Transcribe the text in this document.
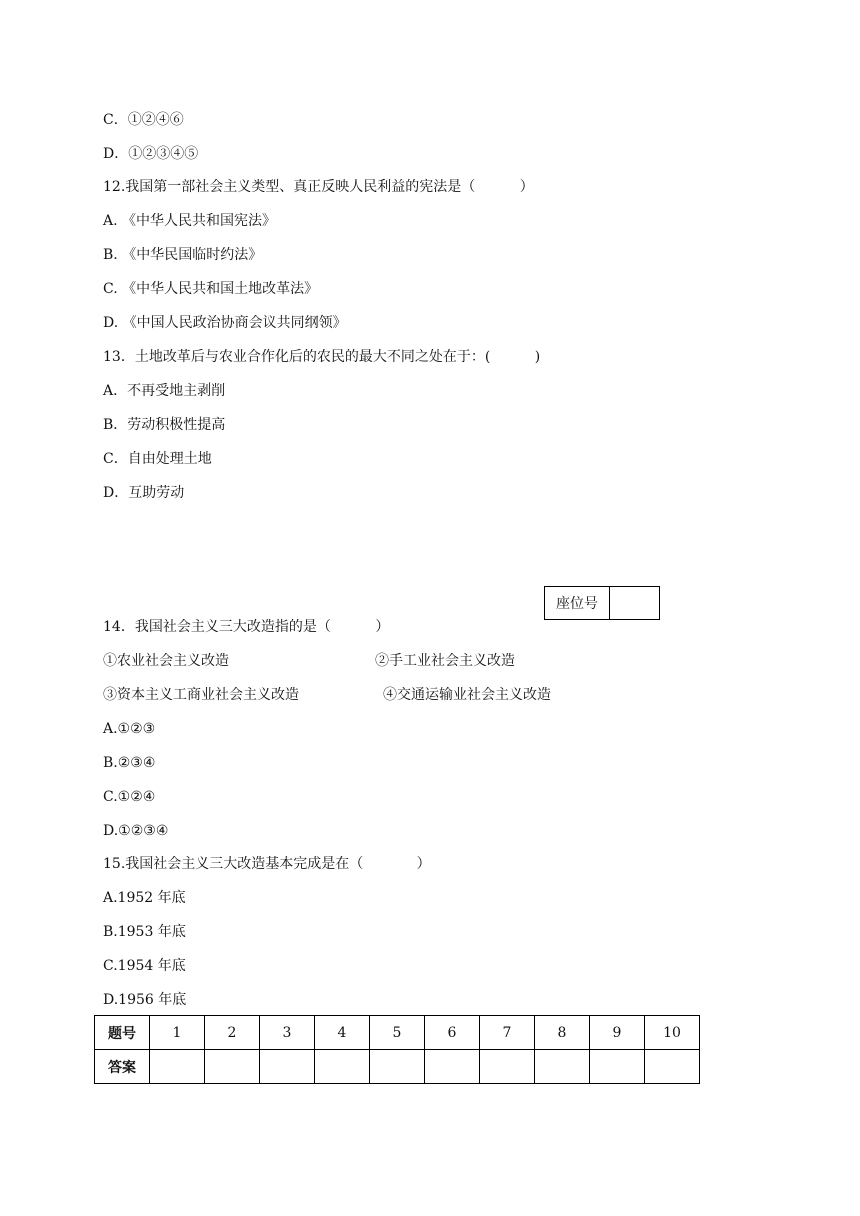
C．①②④⑥

D．①②③④⑤

12.我国第一部社会主义类型、真正反映人民利益的宪法是（          ）

A. 《中华人民共和国宪法》

B. 《中华民国临时约法》

C. 《中华人民共和国土地改革法》

D. 《中国人民政治协商会议共同纲领》

13．土地改革后与农业合作化后的农民的最大不同之处在于：(          )

A．不再受地主剥削

B．劳动积极性提高

C．自由处理土地

D．互助劳动

座位号

14．我国社会主义三大改造指的是（          ）

①农业社会主义改造	②手工业社会主义改造

③资本主义工商业社会主义改造	④交通运输业社会主义改造

A.①②③

B.②③④

C.①②④

D.①②③④

15.我国社会主义三大改造基本完成是在（            ）

A.1952 年底

B.1953 年底

C.1954 年底

D.1956 年底

题号	1	2	3	4	5	6	7	8	9	10
答案										
